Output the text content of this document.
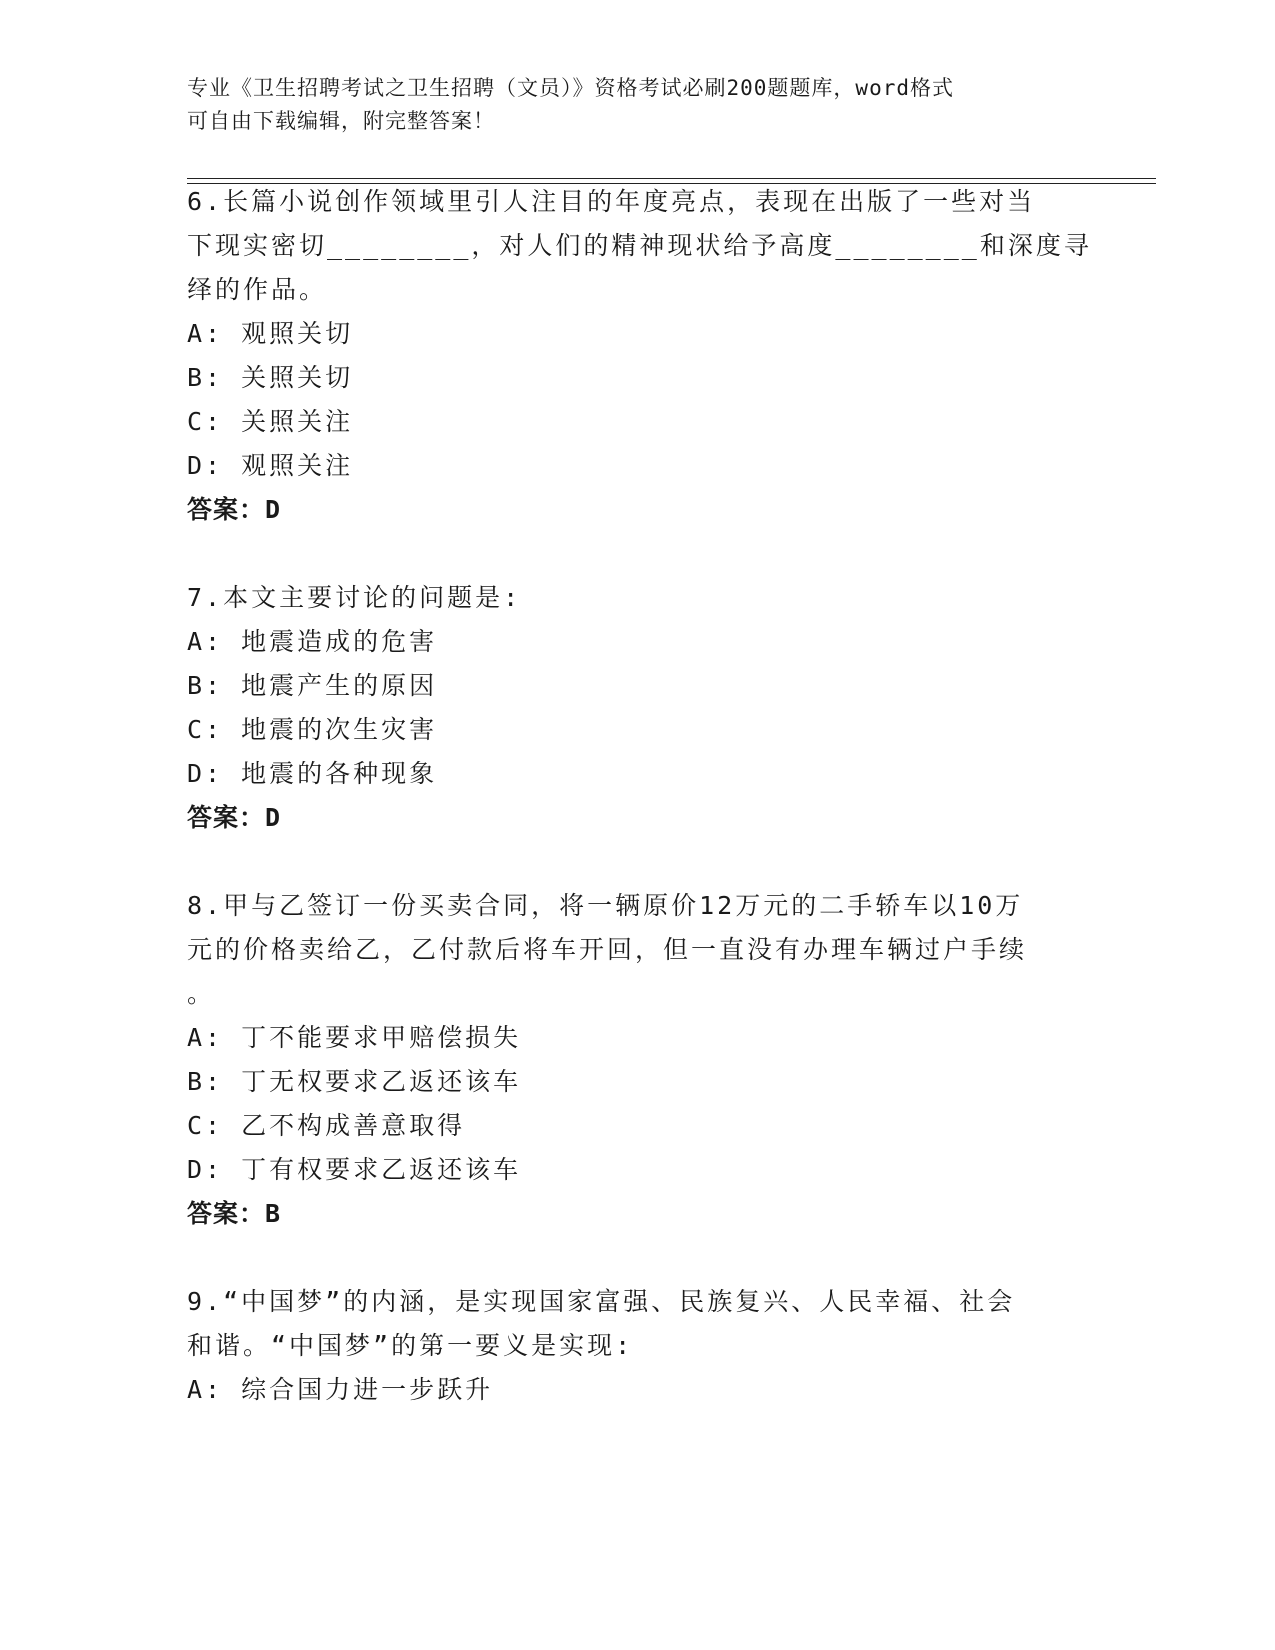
专业《卫生招聘考试之卫生招聘（文员）》资格考试必刷200题题库，word格式
可自由下载编辑，附完整答案！
6.长篇小说创作领域里引人注目的年度亮点，表现在出版了一些对当
下现实密切________，对人们的精神现状给予高度________和深度寻
绎的作品。
A: 观照关切
B: 关照关切
C: 关照关注
D: 观照关注
答案：D
7.本文主要讨论的问题是:
A: 地震造成的危害
B: 地震产生的原因
C: 地震的次生灾害
D: 地震的各种现象
答案：D
8.甲与乙签订一份买卖合同，将一辆原价12万元的二手轿车以10万
元的价格卖给乙，乙付款后将车开回，但一直没有办理车辆过户手续
。
A: 丁不能要求甲赔偿损失
B: 丁无权要求乙返还该车
C: 乙不构成善意取得
D: 丁有权要求乙返还该车
答案：B
9.“中国梦”的内涵，是实现国家富强、民族复兴、人民幸福、社会
和谐。“中国梦”的第一要义是实现:
A: 综合国力进一步跃升
